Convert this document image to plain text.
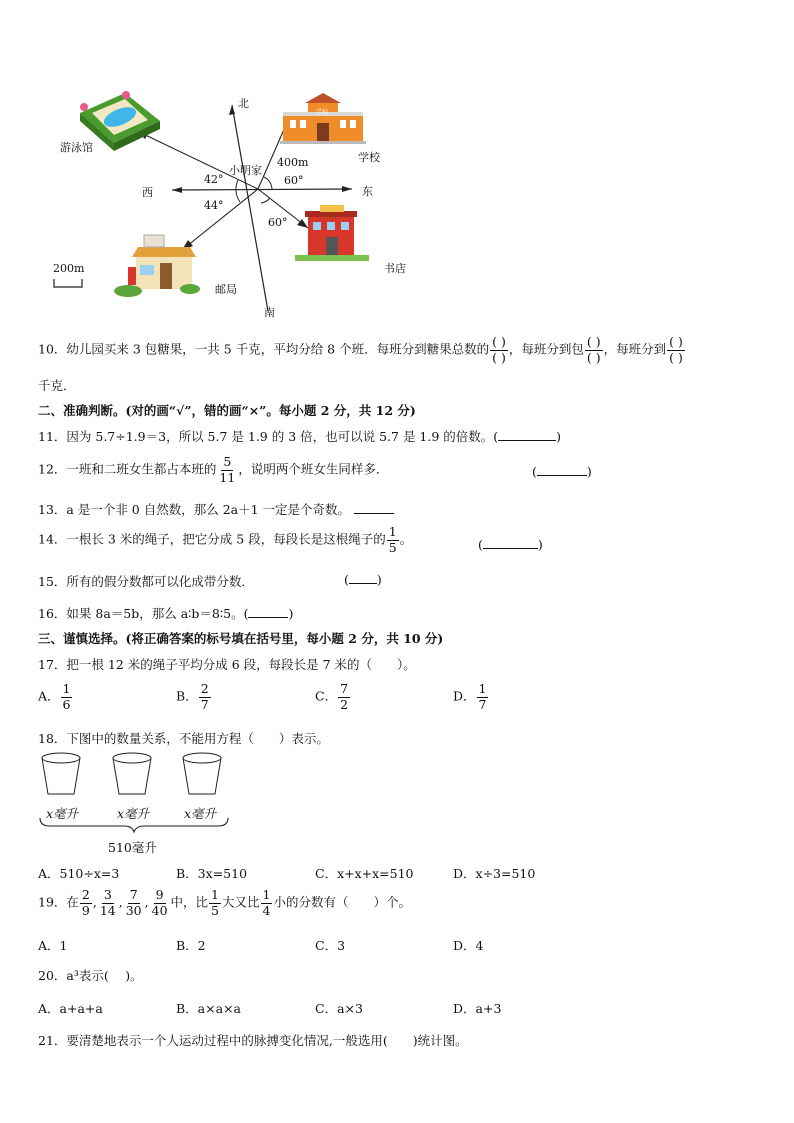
北
南
东
西
小明家
游泳馆
学校
书店
邮局
400m
42°	60°
44°
60°
200m
学校
书店
10．幼儿园买来 3 包糖果，一共 5 千克，平均分给 8 个班．每班分到糖果总数的 $\frac{( )}{( )}$ ，每班分到包 $\frac{( )}{( )}$ ，每班分到 $\frac{( )}{( )}$
千克．
二、准确判断。(对的画“√”，错的画“×”。每小题 2 分，共 12 分)
11．因为 5.7÷1.9＝3，所以 5.7 是 1.9 的 3 倍，也可以说 5.7 是 1.9 的倍数。(	)
12．一班和二班女生都占本班的 $\frac{5}{11}$ ，说明两个班女生同样多．	(	)
13．a 是一个非 0 自然数，那么 2a＋1 一定是个奇数。
14．一根长 3 米的绳子，把它分成 5 段，每段长是这根绳子的 $\frac{1}{5}$ 。	(	)
15．所有的假分数都可以化成带分数．	( )
16．如果 8a＝5b，那么 a∶b＝8∶5。(	)
三、谨慎选择。(将正确答案的标号填在括号里，每小题 2 分，共 10 分)
17．把一根 12 米的绳子平均分成 6 段，每段长是 7 米的（　　）。
A． $\frac{1}{6}$	B． $\frac{2}{7}$	C． $\frac{7}{2}$	D． $\frac{1}{7}$
18．下图中的数量关系，不能用方程（　　）表示。
x毫升	x毫升	x毫升
510毫升
A．510÷x=3	B．3x=510	C．x+x+x=510	D．x÷3=510
19．在 $\frac{2}{9}$ , $\frac{3}{14}$ , $\frac{7}{30}$ , $\frac{9}{40}$ 中，比 $\frac{1}{5}$ 大又比 $\frac{1}{4}$ 小的分数有（　　）个。
A．1	B．2	C．3	D．4
20．a³表示(　 )。
A．a+a+a	B．a×a×a	C．a×3	D．a+3
21．要清楚地表示一个人运动过程中的脉搏变化情况,一般选用(　　)统计图。
